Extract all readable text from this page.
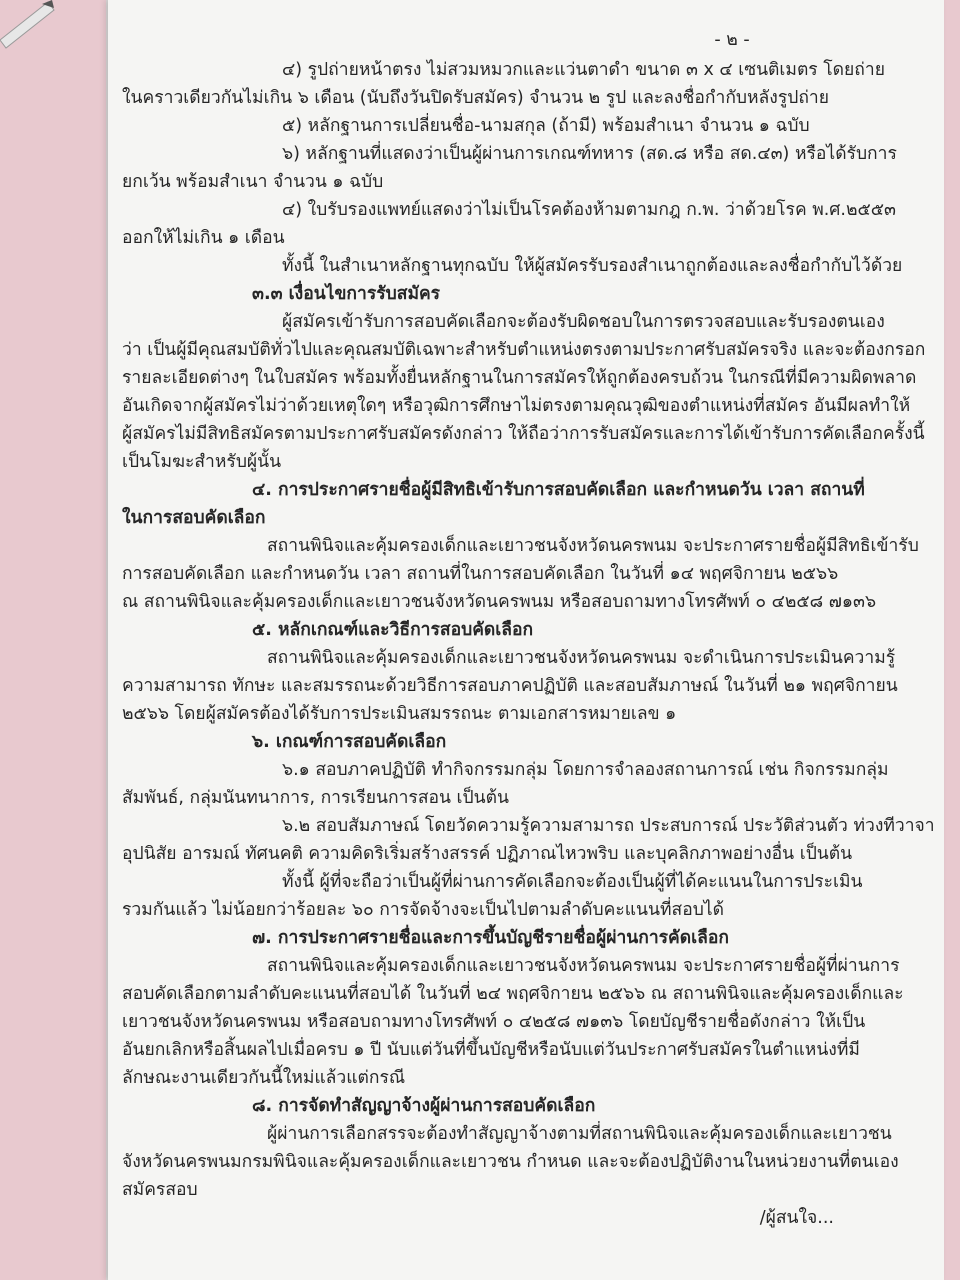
- ๒ -
๔) รูปถ่ายหน้าตรง ไม่สวมหมวกและแว่นตาดำ ขนาด ๓ x ๔ เซนติเมตร โดยถ่าย
ในคราวเดียวกันไม่เกิน ๖ เดือน (นับถึงวันปิดรับสมัคร) จำนวน ๒ รูป และลงชื่อกำกับหลังรูปถ่าย
๕) หลักฐานการเปลี่ยนชื่อ-นามสกุล (ถ้ามี) พร้อมสำเนา จำนวน ๑ ฉบับ
๖) หลักฐานที่แสดงว่าเป็นผู้ผ่านการเกณฑ์ทหาร (สด.๘ หรือ สด.๔๓) หรือได้รับการ
ยกเว้น พร้อมสำเนา จำนวน ๑ ฉบับ
๔) ใบรับรองแพทย์แสดงว่าไม่เป็นโรคต้องห้ามตามกฎ ก.พ. ว่าด้วยโรค พ.ศ.๒๕๕๓
ออกให้ไม่เกิน ๑ เดือน
ทั้งนี้ ในสำเนาหลักฐานทุกฉบับ ให้ผู้สมัครรับรองสำเนาถูกต้องและลงชื่อกำกับไว้ด้วย
๓.๓ เงื่อนไขการรับสมัคร
ผู้สมัครเข้ารับการสอบคัดเลือกจะต้องรับผิดชอบในการตรวจสอบและรับรองตนเอง
ว่า เป็นผู้มีคุณสมบัติทั่วไปและคุณสมบัติเฉพาะสำหรับตำแหน่งตรงตามประกาศรับสมัครจริง และจะต้องกรอก
รายละเอียดต่างๆ ในใบสมัคร พร้อมทั้งยื่นหลักฐานในการสมัครให้ถูกต้องครบถ้วน ในกรณีที่มีความผิดพลาด
อันเกิดจากผู้สมัครไม่ว่าด้วยเหตุใดๆ หรือวุฒิการศึกษาไม่ตรงตามคุณวุฒิของตำแหน่งที่สมัคร อันมีผลทำให้
ผู้สมัครไม่มีสิทธิสมัครตามประกาศรับสมัครดังกล่าว ให้ถือว่าการรับสมัครและการได้เข้ารับการคัดเลือกครั้งนี้
เป็นโมฆะสำหรับผู้นั้น
๔. การประกาศรายชื่อผู้มีสิทธิเข้ารับการสอบคัดเลือก และกำหนดวัน เวลา สถานที่
ในการสอบคัดเลือก
สถานพินิจและคุ้มครองเด็กและเยาวชนจังหวัดนครพนม จะประกาศรายชื่อผู้มีสิทธิเข้ารับ
การสอบคัดเลือก และกำหนดวัน เวลา สถานที่ในการสอบคัดเลือก ในวันที่ ๑๔ พฤศจิกายน ๒๕๖๖
ณ สถานพินิจและคุ้มครองเด็กและเยาวชนจังหวัดนครพนม หรือสอบถามทางโทรศัพท์ ๐ ๔๒๕๘ ๗๑๓๖
๕. หลักเกณฑ์และวิธีการสอบคัดเลือก
สถานพินิจและคุ้มครองเด็กและเยาวชนจังหวัดนครพนม จะดำเนินการประเมินความรู้
ความสามารถ ทักษะ และสมรรถนะด้วยวิธีการสอบภาคปฏิบัติ และสอบสัมภาษณ์ ในวันที่ ๒๑ พฤศจิกายน
๒๕๖๖ โดยผู้สมัครต้องได้รับการประเมินสมรรถนะ ตามเอกสารหมายเลข ๑
๖. เกณฑ์การสอบคัดเลือก
๖.๑ สอบภาคปฏิบัติ ทำกิจกรรมกลุ่ม โดยการจำลองสถานการณ์ เช่น กิจกรรมกลุ่ม
สัมพันธ์, กลุ่มนันทนาการ, การเรียนการสอน เป็นต้น
๖.๒ สอบสัมภาษณ์ โดยวัดความรู้ความสามารถ ประสบการณ์ ประวัติส่วนตัว ท่วงทีวาจา
อุปนิสัย อารมณ์ ทัศนคติ ความคิดริเริ่มสร้างสรรค์ ปฏิภาณไหวพริบ และบุคลิกภาพอย่างอื่น เป็นต้น
ทั้งนี้ ผู้ที่จะถือว่าเป็นผู้ที่ผ่านการคัดเลือกจะต้องเป็นผู้ที่ได้คะแนนในการประเมิน
รวมกันแล้ว ไม่น้อยกว่าร้อยละ ๖๐ การจัดจ้างจะเป็นไปตามลำดับคะแนนที่สอบได้
๗. การประกาศรายชื่อและการขึ้นบัญชีรายชื่อผู้ผ่านการคัดเลือก
สถานพินิจและคุ้มครองเด็กและเยาวชนจังหวัดนครพนม จะประกาศรายชื่อผู้ที่ผ่านการ
สอบคัดเลือกตามลำดับคะแนนที่สอบได้ ในวันที่ ๒๔ พฤศจิกายน ๒๕๖๖ ณ สถานพินิจและคุ้มครองเด็กและ
เยาวชนจังหวัดนครพนม หรือสอบถามทางโทรศัพท์ ๐ ๔๒๕๘ ๗๑๓๖ โดยบัญชีรายชื่อดังกล่าว ให้เป็น
อันยกเลิกหรือสิ้นผลไปเมื่อครบ ๑ ปี นับแต่วันที่ขึ้นบัญชีหรือนับแต่วันประกาศรับสมัครในตำแหน่งที่มี
ลักษณะงานเดียวกันนี้ใหม่แล้วแต่กรณี
๘. การจัดทำสัญญาจ้างผู้ผ่านการสอบคัดเลือก
ผู้ผ่านการเลือกสรรจะต้องทำสัญญาจ้างตามที่สถานพินิจและคุ้มครองเด็กและเยาวชน
จังหวัดนครพนมกรมพินิจและคุ้มครองเด็กและเยาวชน กำหนด และจะต้องปฏิบัติงานในหน่วยงานที่ตนเอง
สมัครสอบ
/ผู้สนใจ...
